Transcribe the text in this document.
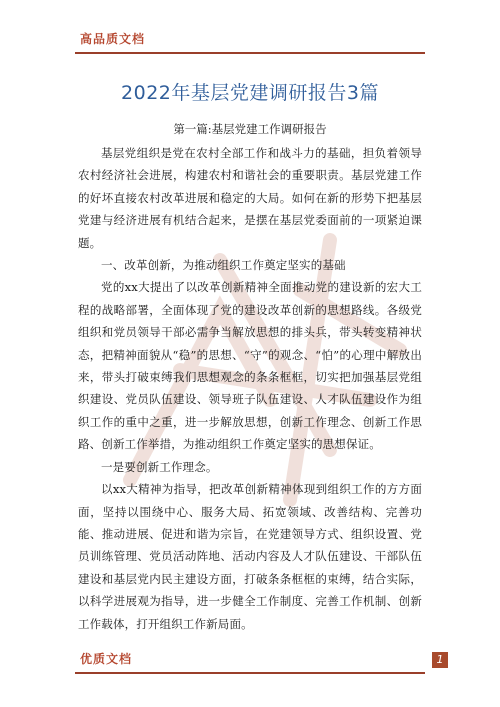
高品质文档
2022年基层党建调研报告3篇

第一篇:基层党建工作调研报告

基层党组织是党在农村全部工作和战斗力的基础，担负着领导农村经济社会进展，构建农村和谐社会的重要职责。基层党建工作的好坏直接农村改革进展和稳定的大局。如何在新的形势下把基层党建与经济进展有机结合起来，是摆在基层党委面前的一项紧迫课题。

一、改革创新，为推动组织工作奠定坚实的基础

党的xx大提出了以改革创新精神全面推动党的建设新的宏大工程的战略部署，全面体现了党的建设改革创新的思想路线。各级党组织和党员领导干部必需争当解放思想的排头兵，带头转变精神状态，把精神面貌从“稳”的思想、“守”的观念、“怕”的心理中解放出来，带头打破束缚我们思想观念的条条框框，切实把加强基层党组织建设、党员队伍建设、领导班子队伍建设、人才队伍建设作为组织工作的重中之重，进一步解放思想，创新工作理念、创新工作思路、创新工作举措，为推动组织工作奠定坚实的思想保证。

一是要创新工作理念。

以xx大精神为指导，把改革创新精神体现到组织工作的方方面面，坚持以围绕中心、服务大局、拓宽领域、改善结构、完善功能、推动进展、促进和谐为宗旨，在党建领导方式、组织设置、党员训练管理、党员活动阵地、活动内容及人才队伍建设、干部队伍建设和基层党内民主建设方面，打破条条框框的束缚，结合实际，以科学进展观为指导，进一步健全工作制度、完善工作机制、创新工作载体，打开组织工作新局面。

优质文档	1
